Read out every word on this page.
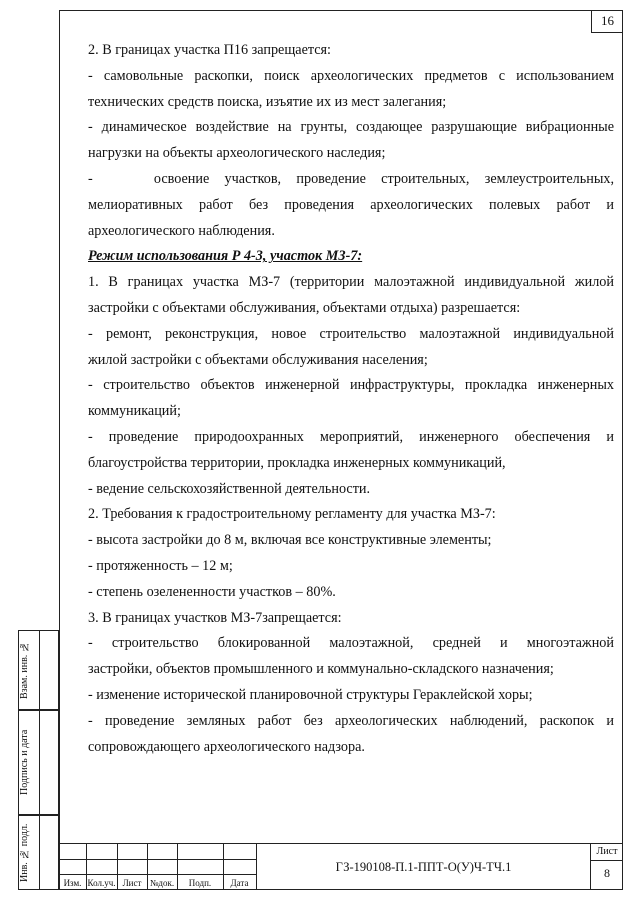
16
2. В границах участка П16 запрещается:
- самовольные раскопки, поиск археологических предметов с использованием
технических средств поиска, изъятие их из мест залегания;
- динамическое воздействие на грунты, создающее разрушающие вибрационные
нагрузки на объекты археологического наследия;
-    освоение участков, проведение строительных, землеустроительных,
мелиоративных работ без проведения археологических полевых работ и
археологического наблюдения.
Режим использования Р 4-3, участок МЗ-7:
1. В границах участка МЗ-7 (территории малоэтажной индивидуальной жилой
застройки с объектами обслуживания, объектами отдыха) разрешается:
- ремонт, реконструкция, новое строительство малоэтажной индивидуальной
жилой застройки с объектами обслуживания населения;
- строительство объектов инженерной инфраструктуры, прокладка инженерных
коммуникаций;
- проведение природоохранных мероприятий, инженерного обеспечения и
благоустройства территории, прокладка инженерных коммуникаций,
- ведение сельскохозяйственной деятельности.
2. Требования к градостроительному регламенту для участка МЗ-7:
- высота застройки до 8 м, включая все конструктивные элементы;
- протяженность – 12 м;
- степень озелененности участков – 80%.
3. В границах участков МЗ-7запрещается:
- строительство блокированной малоэтажной, средней и многоэтажной
застройки, объектов промышленного и коммунально-складского назначения;
- изменение исторической планировочной структуры Гераклейской хоры;
- проведение земляных работ без археологических наблюдений, раскопок и
сопровождающего археологического надзора.
Взам. инв. №
Подпись и дата
Инв. № подл.
Изм. Кол.уч. Лист №док.	Подп.	Дата
ГЗ-190108-П.1-ППТ-О(У)Ч-ТЧ.1
Лист
8
